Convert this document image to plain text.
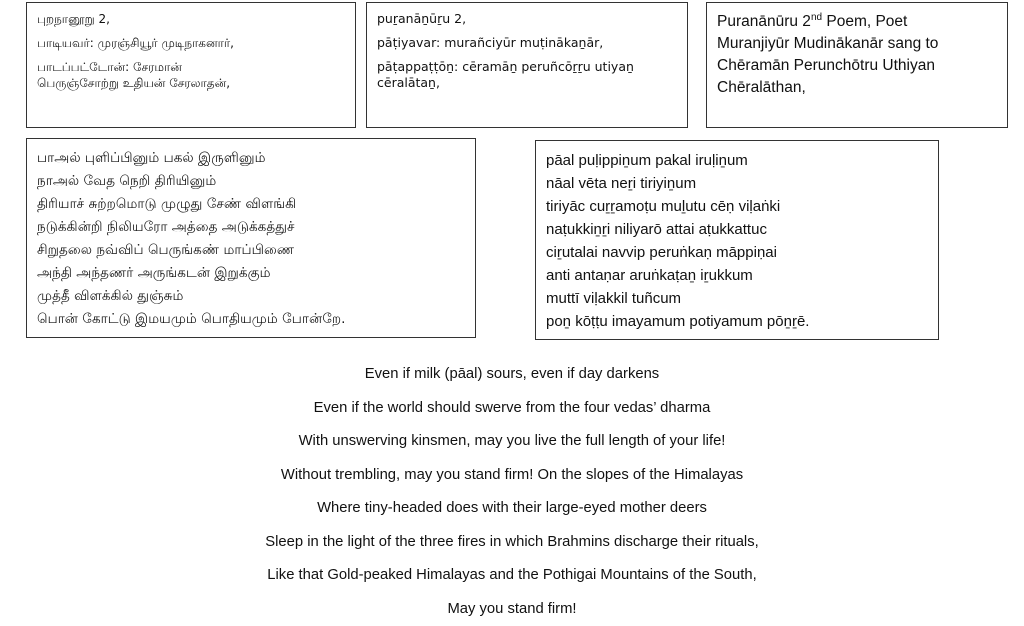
புறநானூறு 2,
பாடியவர்: முரஞ்சியூர் முடிநாகனார்,
பாடப்பட்டோன்: சேரமான்
பெருஞ்சோற்று உதியன் சேரலாதன்,
puṟanāṉūṟu 2,
pāṭiyavar: murañciyūr muṭinākaṉār,
pāṭappaṭṭōṉ: cēramāṉ peruñcōṟṟu utiyaṉ
cēralātaṉ,
Puranānūru 2nd Poem, Poet
Muranjiyūr Mudinākanār sang to
Chēramān Perunchōtru Uthiyan
Chēralāthan,
பாஅல் புளிப்பினும் பகல் இருளினும்
நாஅல் வேத நெறி திரியினும்
திரியாச் சுற்றமொடு முழுது சேண் விளங்கி
நடுக்கின்றி நிலியரோ அத்தை அடுக்கத்துச்
சிறுதலை நவ்விப் பெருங்கண் மாப்பிணை
அந்தி அந்தணர் அருங்கடன் இறுக்கும்
முத்தீ விளக்கில் துஞ்சும்
பொன் கோட்டு இமயமும் பொதியமும் போன்றே.
pāal puḷippiṉum pakal iruḷiṉum
nāal vēta neṟi tiriyiṉum
tiriyāc cuṟṟamoṭu muḻutu cēṇ viḷaṅki
naṭukkiṉṟi niliyarō attai aṭukkattuc
ciṟutalai navvip peruṅkaṇ māppiṇai
anti antaṇar aruṅkaṭaṉ iṟukkum
muttī viḷakkil tuñcum
poṉ kōṭṭu imayamum potiyamum pōṉṟē.
Even if milk (pāal) sours, even if day darkens
Even if the world should swerve from the four vedas’ dharma
With unswerving kinsmen, may you live the full length of your life!
Without trembling, may you stand firm! On the slopes of the Himalayas
Where tiny-headed does with their large-eyed mother deers
Sleep in the light of the three fires in which Brahmins discharge their rituals,
Like that Gold-peaked Himalayas and the Pothigai Mountains of the South,
May you stand firm!
